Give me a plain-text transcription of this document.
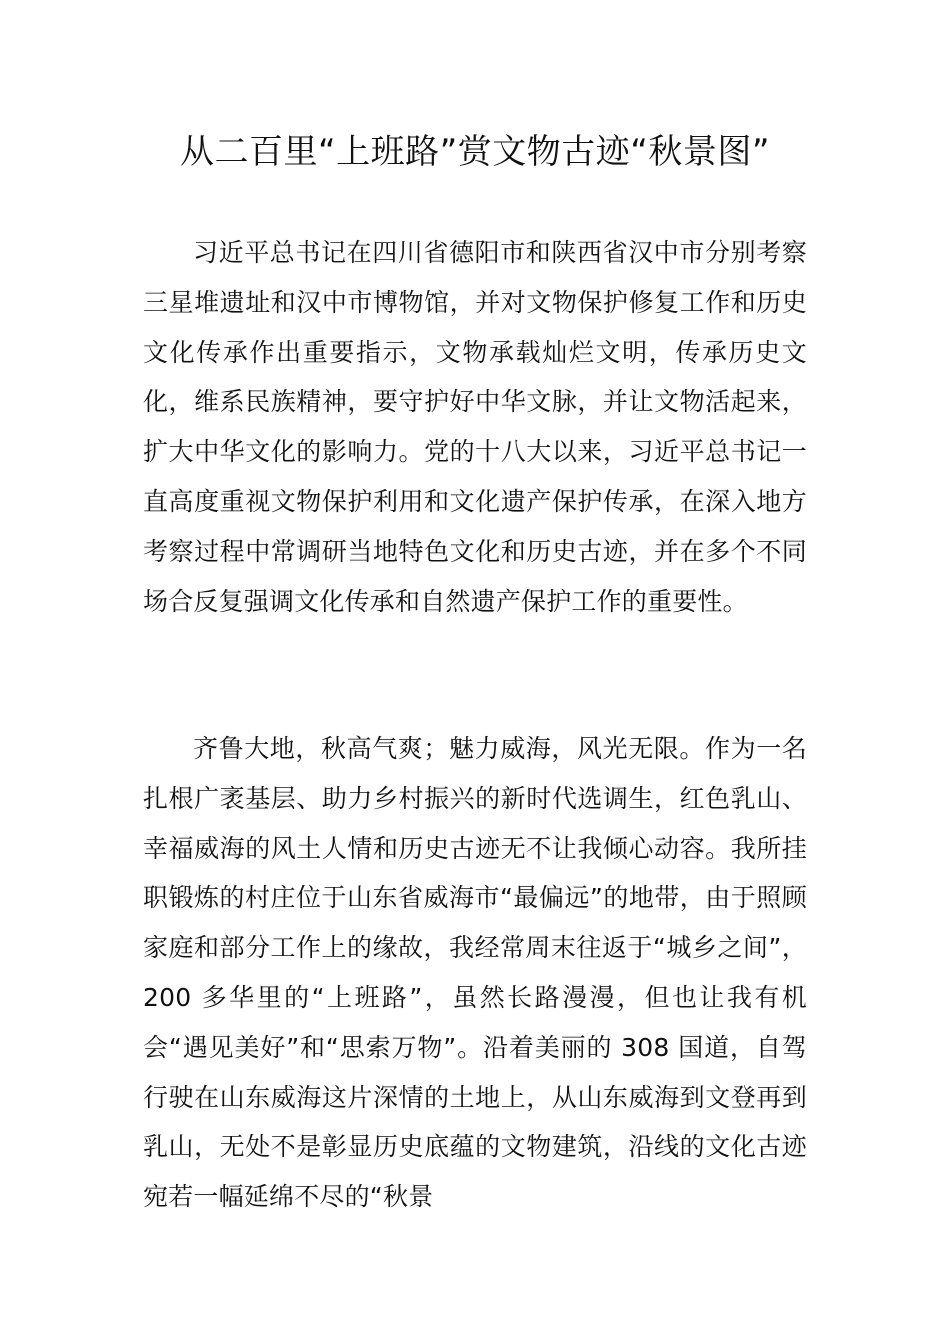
从二百里“上班路”赏文物古迹“秋景图”

习近平总书记在四川省德阳市和陕西省汉中市分别考察三星堆遗址和汉中市博物馆，并对文物保护修复工作和历史文化传承作出重要指示，文物承载灿烂文明，传承历史文化，维系民族精神，要守护好中华文脉，并让文物活起来，扩大中华文化的影响力。党的十八大以来，习近平总书记一直高度重视文物保护利用和文化遗产保护传承，在深入地方考察过程中常调研当地特色文化和历史古迹，并在多个不同场合反复强调文化传承和自然遗产保护工作的重要性。

齐鲁大地，秋高气爽；魅力威海，风光无限。作为一名扎根广袤基层、助力乡村振兴的新时代选调生，红色乳山、幸福威海的风土人情和历史古迹无不让我倾心动容。我所挂职锻炼的村庄位于山东省威海市“最偏远”的地带，由于照顾家庭和部分工作上的缘故，我经常周末往返于“城乡之间”，200 多华里的“上班路”，虽然长路漫漫，但也让我有机会“遇见美好”和“思索万物”。沿着美丽的 308 国道，自驾行驶在山东威海这片深情的土地上，从山东威海到文登再到乳山，无处不是彰显历史底蕴的文物建筑，沿线的文化古迹宛若一幅延绵不尽的“秋景
